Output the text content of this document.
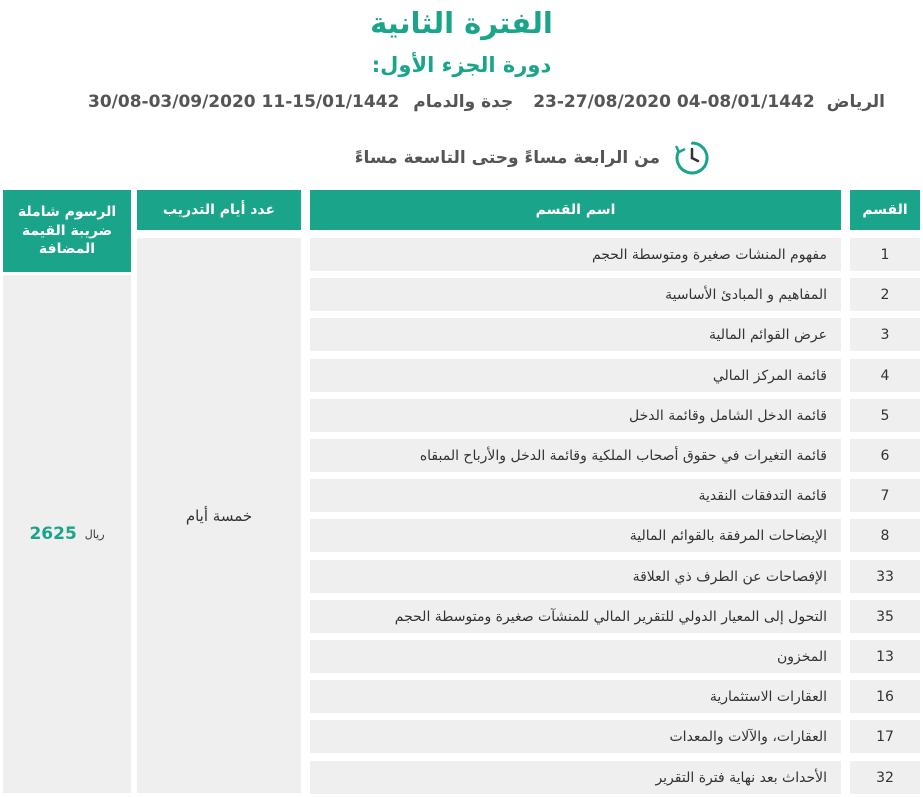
الفترة الثانية
دورة الجزء الأول:
23-27/08/2020 04-08/01/1442 الرياض
30/08-03/09/2020 11-15/01/1442 جدة والدمام
من الرابعة مساءً وحتى التاسعة مساءً
القسم
اسم القسم
عدد أيام التدريب
الرسوم شاملة ضريبة القيمة المضافة	1
مفهوم المنشات صغيرة ومتوسطة الحجم
2
المفاهيم و المبادئ الأساسية
3
عرض القوائم المالية
4
قائمة المركز المالي
5
قائمة الدخل الشامل وقائمة الدخل
6
قائمة التغيرات في حقوق أصحاب الملكية وقائمة الدخل والأرباح المبقاه
7
قائمة التدفقات النقدية
8
الإيضاحات المرفقة بالقوائم المالية
33
الإفصاحات عن الطرف ذي العلاقة
35
التحول إلى المعيار الدولي للتقرير المالي للمنشآت صغيرة ومتوسطة الحجم
13
المخزون
16
العقارات الاستثمارية
17
العقارات، والآلات والمعدات
32
الأحداث بعد نهاية فترة التقرير
خمسة أيام
2625 ريال
